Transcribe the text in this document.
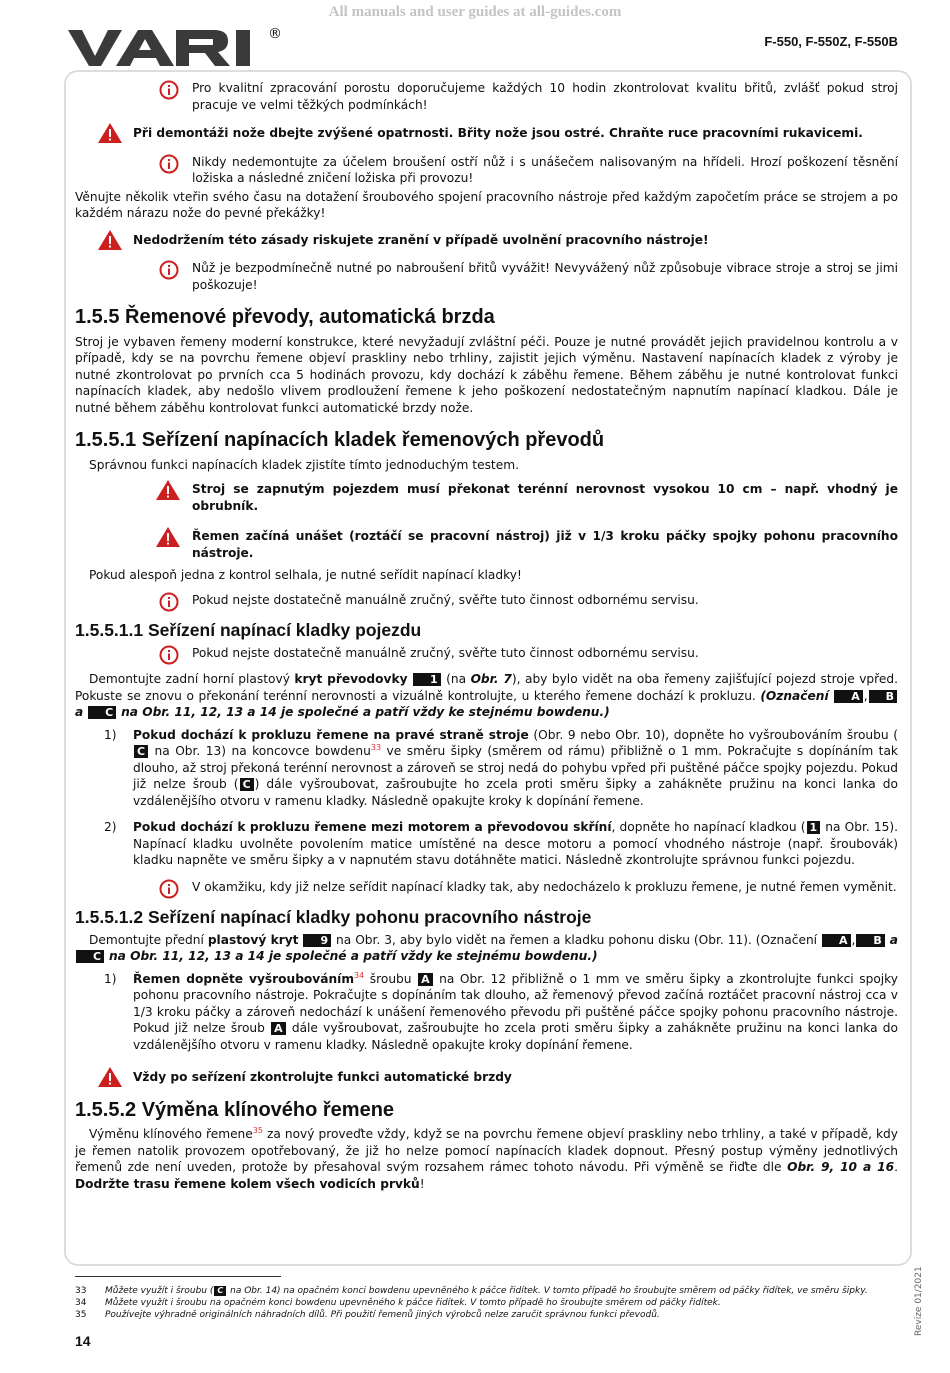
All manuals and user guides at all-guides.com
®	F-550, F-550Z, F-550B

Pro kvalitní zpracování porostu doporučujeme každých 10 hodin zkontrolovat kvalitu břitů, zvlášť pokud stroj pracuje ve velmi těžkých podmínkách!

Při demontáži nože dbejte zvýšené opatrnosti. Břity nože jsou ostré. Chraňte ruce pracovními rukavicemi.

Nikdy nedemontujte za účelem broušení ostří nůž i s unášečem nalisovaným na hřídeli. Hrozí poškození těsnění ložiska a následné zničení ložiska při provozu!

Věnujte několik vteřin svého času na dotažení šroubového spojení pracovního nástroje před každým započetím práce se strojem a po každém nárazu nože do pevné překážky!

Nedodržením této zásady riskujete zranění v případě uvolnění pracovního nástroje!

Nůž je bezpodmínečně nutné po nabroušení břitů vyvážit! Nevyvážený nůž způsobuje vibrace stroje a stroj se jimi poškozuje!

1.5.5 Řemenové převody, automatická brzda

Stroj je vybaven řemeny moderní konstrukce, které nevyžadují zvláštní péči. Pouze je nutné provádět jejich pravidelnou kontrolu a v případě, kdy se na povrchu řemene objeví praskliny nebo trhliny, zajistit jejich výměnu. Nastavení napínacích kladek z výroby je nutné zkontrolovat po prvních cca 5 hodinách provozu, kdy dochází k záběhu řemene. Během záběhu je nutné kontrolovat funkci napínacích kladek, aby nedošlo vlivem prodloužení řemene k jeho poškození nedostatečným napnutím napínací kladkou. Dále je nutné během záběhu kontrolovat funkci automatické brzdy nože.

1.5.5.1 Seřízení napínacích kladek řemenových převodů

Správnou funkci napínacích kladek zjistíte tímto jednoduchým testem.

Stroj se zapnutým pojezdem musí překonat terénní nerovnost vysokou 10 cm – např. vhodný je obrubník.

Řemen začíná unášet (roztáčí se pracovní nástroj) již v 1/3 kroku páčky spojky pohonu pracovního nástroje.

Pokud alespoň jedna z kontrol selhala, je nutné seřídit napínací kladky!

Pokud nejste dostatečně manuálně zručný, svěřte tuto činnost odbornému servisu.

1.5.5.1.1 Seřízení napínací kladky pojezdu

Pokud nejste dostatečně manuálně zručný, svěřte tuto činnost odbornému servisu.

Demontujte zadní horní plastový kryt převodovky 1 (na Obr. 7), aby bylo vidět na oba řemeny zajišťující pojezd stroje vpřed. Pokuste se znovu o překonání terénní nerovnosti a vizuálně kontrolujte, u kterého řemene dochází k prokluzu. (Označení A , B a C na Obr. 11, 12, 13 a 14 je společné a patří vždy ke stejnému bowdenu.)

1) Pokud dochází k prokluzu řemene na pravé straně stroje (Obr. 9 nebo Obr. 10), dopněte ho vyšroubováním šroubu (C na Obr. 13) na koncovce bowdenu$^{33}$ ve směru šipky (směrem od rámu) přibližně o 1 mm. Pokračujte s dopínáním tak dlouho, až stroj překoná terénní nerovnost a zároveň se stroj nedá do pohybu vpřed při puštěné páčce spojky pojezdu. Pokud již nelze šroub ( C ) dále vyšroubovat, zašroubujte ho zcela proti směru šipky a zahákněte pružinu na konci lanka do vzdálenějšího otvoru v ramenu kladky. Následně opakujte kroky k dopínání řemene.

2) Pokud dochází k prokluzu řemene mezi motorem a převodovou skříní, dopněte ho napínací kladkou ( 1 na Obr. 15). Napínací kladku uvolněte povolením matice umístěné na desce motoru a pomocí vhodného nástroje (např. šroubovák) kladku napněte ve směru šipky a v napnutém stavu dotáhněte matici. Následně zkontrolujte správnou funkci pojezdu.

V okamžiku, kdy již nelze seřídit napínací kladky tak, aby nedocházelo k prokluzu řemene, je nutné řemen vyměnit.

1.5.5.1.2 Seřízení napínací kladky pohonu pracovního nástroje

Demontujte přední plastový kryt 9 na Obr. 3, aby bylo vidět na řemen a kladku pohonu disku (Obr. 11). (Označení A , B a C na Obr. 11, 12, 13 a 14 je společné a patří vždy ke stejnému bowdenu.)

1) Řemen dopněte vyšroubováním$^{34}$ šroubu A na Obr. 12 přibližně o 1 mm ve směru šipky a zkontrolujte funkci spojky pohonu pracovního nástroje. Pokračujte s dopínáním tak dlouho, až řemenový převod začíná roztáčet pracovní nástroj cca v 1/3 kroku páčky a zároveň nedochází k unášení řemenového převodu při puštěné páčce spojky pohonu pracovního nástroje. Pokud již nelze šroub A dále vyšroubovat, zašroubujte ho zcela proti směru šipky a zahákněte pružinu na konci lanka do vzdálenějšího otvoru v ramenu kladky. Následně opakujte kroky dopínání řemene.

Vždy po seřízení zkontrolujte funkci automatické brzdy

1.5.5.2 Výměna klínového řemene

Výměnu klínového řemene$^{35}$ za nový proveďte vždy, když se na povrchu řemene objeví praskliny nebo trhliny, a také v případě, kdy je řemen natolik provozem opotřebovaný, že již ho nelze pomocí napínacích kladek dopnout. Přesný postup výměny jednotlivých řemenů zde není uveden, protože by přesahoval svým rozsahem rámec tohoto návodu. Při výměně se řiďte dle Obr. 9, 10 a 16. Dodržte trasu řemene kolem všech vodicích prvků!

33 Můžete využít i šroubu ( C na Obr. 14) na opačném konci bowdenu upevněného k páčce řidítek. V tomto případě ho šroubujte směrem od páčky řidítek, ve směru šipky.
34 Můžete využít i šroubu na opačném konci bowdenu upevněného k páčce řidítek. V tomto případě ho šroubujte směrem od páčky řidítek.
35 Používejte výhradně originálních náhradních dílů. Při použití řemenů jiných výrobců nelze zaručit správnou funkci převodů.
14
Revize 01/2021
